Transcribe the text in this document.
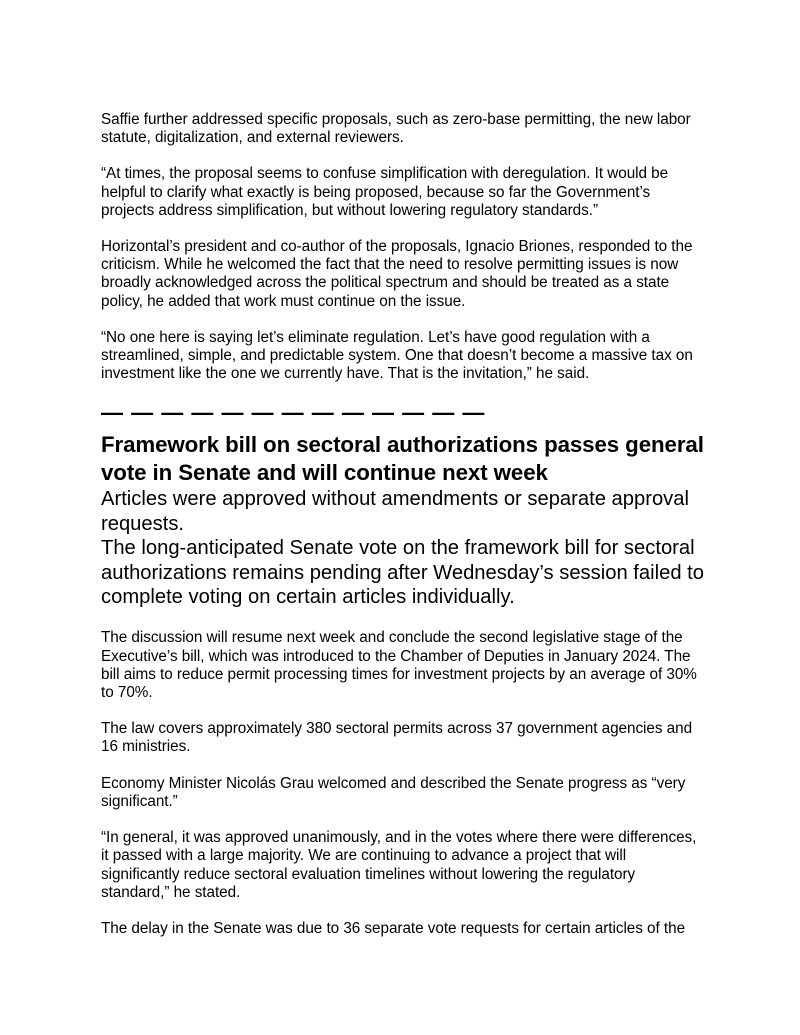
Saffie further addressed specific proposals, such as zero-base permitting, the new labor statute, digitalization, and external reviewers.

“At times, the proposal seems to confuse simplification with deregulation. It would be helpful to clarify what exactly is being proposed, because so far the Government’s projects address simplification, but without lowering regulatory standards.”

Horizontal’s president and co-author of the proposals, Ignacio Briones, responded to the criticism. While he welcomed the fact that the need to resolve permitting issues is now broadly acknowledged across the political spectrum and should be treated as a state policy, he added that work must continue on the issue.

“No one here is saying let’s eliminate regulation. Let’s have good regulation with a streamlined, simple, and predictable system. One that doesn’t become a massive tax on investment like the one we currently have. That is the invitation,” he said.

— — — — — — — — — — — — —
Framework bill on sectoral authorizations passes general vote in Senate and will continue next week

Articles were approved without amendments or separate approval requests.

The long-anticipated Senate vote on the framework bill for sectoral authorizations remains pending after Wednesday’s session failed to complete voting on certain articles individually.

The discussion will resume next week and conclude the second legislative stage of the Executive’s bill, which was introduced to the Chamber of Deputies in January 2024. The bill aims to reduce permit processing times for investment projects by an average of 30% to 70%.

The law covers approximately 380 sectoral permits across 37 government agencies and 16 ministries.

Economy Minister Nicolás Grau welcomed and described the Senate progress as “very significant.”

“In general, it was approved unanimously, and in the votes where there were differences, it passed with a large majority. We are continuing to advance a project that will significantly reduce sectoral evaluation timelines without lowering the regulatory standard,” he stated.

The delay in the Senate was due to 36 separate vote requests for certain articles of the
